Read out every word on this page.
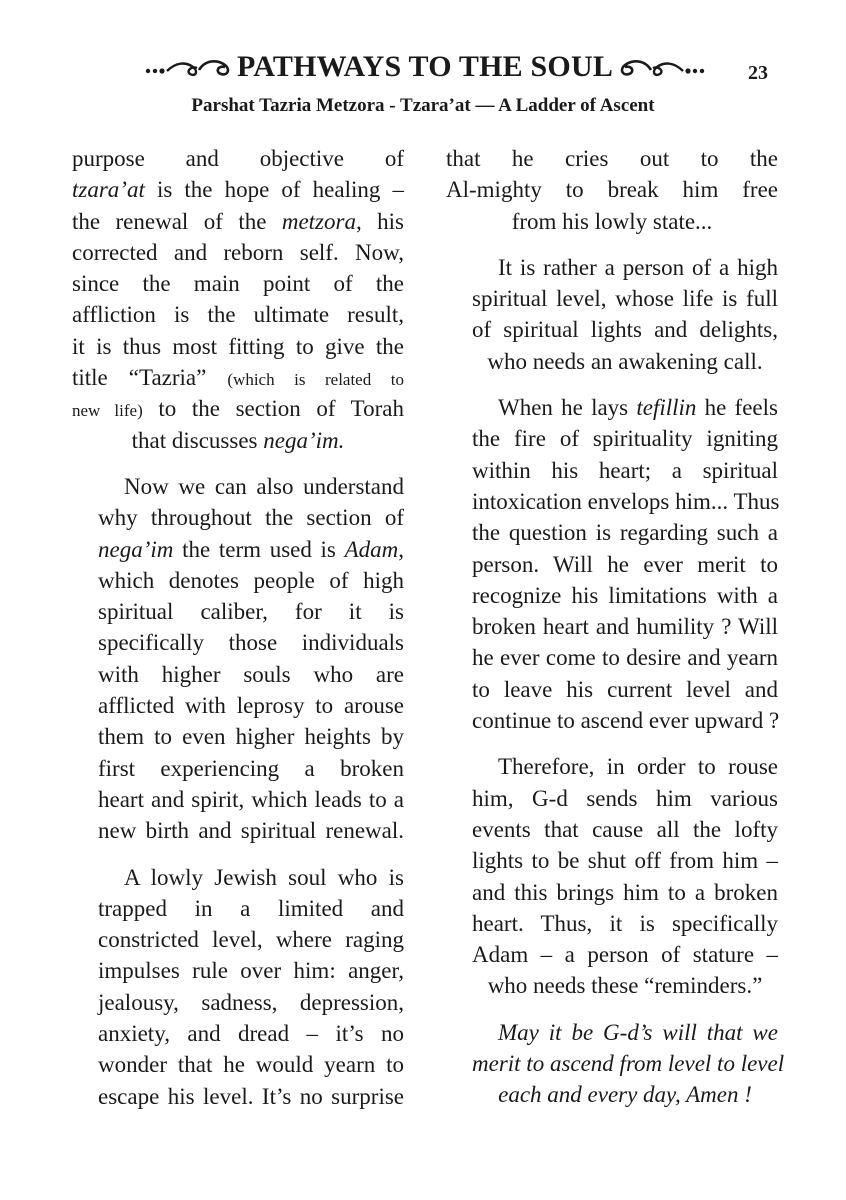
PATHWAYS TO THE SOUL	23
Parshat Tazria Metzora - Tzara’at — A Ladder of Ascent
purpose and objective of
tzara’at is the hope of healing –
the renewal of the metzora, his
corrected and reborn self. Now,
since the main point of the
affliction is the ultimate result,
it is thus most fitting to give the
title “Tazria” (which is related to
new life) to the section of Torah
that discusses nega’im.
Now we can also understand
why throughout the section of
nega’im the term used is Adam,
which denotes people of high
spiritual caliber, for it is
specifically those individuals
with higher souls who are
afflicted with leprosy to arouse
them to even higher heights by
first experiencing a broken
heart and spirit, which leads to a
new birth and spiritual renewal.
A lowly Jewish soul who is
trapped in a limited and
constricted level, where raging
impulses rule over him: anger,
jealousy, sadness, depression,
anxiety, and dread – it’s no
wonder that he would yearn to
escape his level. It’s no surprise
that he cries out to the
Al-mighty to break him free
from his lowly state...
It is rather a person of a high
spiritual level, whose life is full
of spiritual lights and delights,
who needs an awakening call.
When he lays tefillin he feels
the fire of spirituality igniting
within his heart; a spiritual
intoxication envelops him... Thus
the question is regarding such a
person. Will he ever merit to
recognize his limitations with a
broken heart and humility ? Will
he ever come to desire and yearn
to leave his current level and
continue to ascend ever upward ?
Therefore, in order to rouse
him, G-d sends him various
events that cause all the lofty
lights to be shut off from him –
and this brings him to a broken
heart. Thus, it is specifically
Adam – a person of stature –
who needs these “reminders.”
May it be G-d’s will that we
merit to ascend from level to level
each and every day, Amen !
